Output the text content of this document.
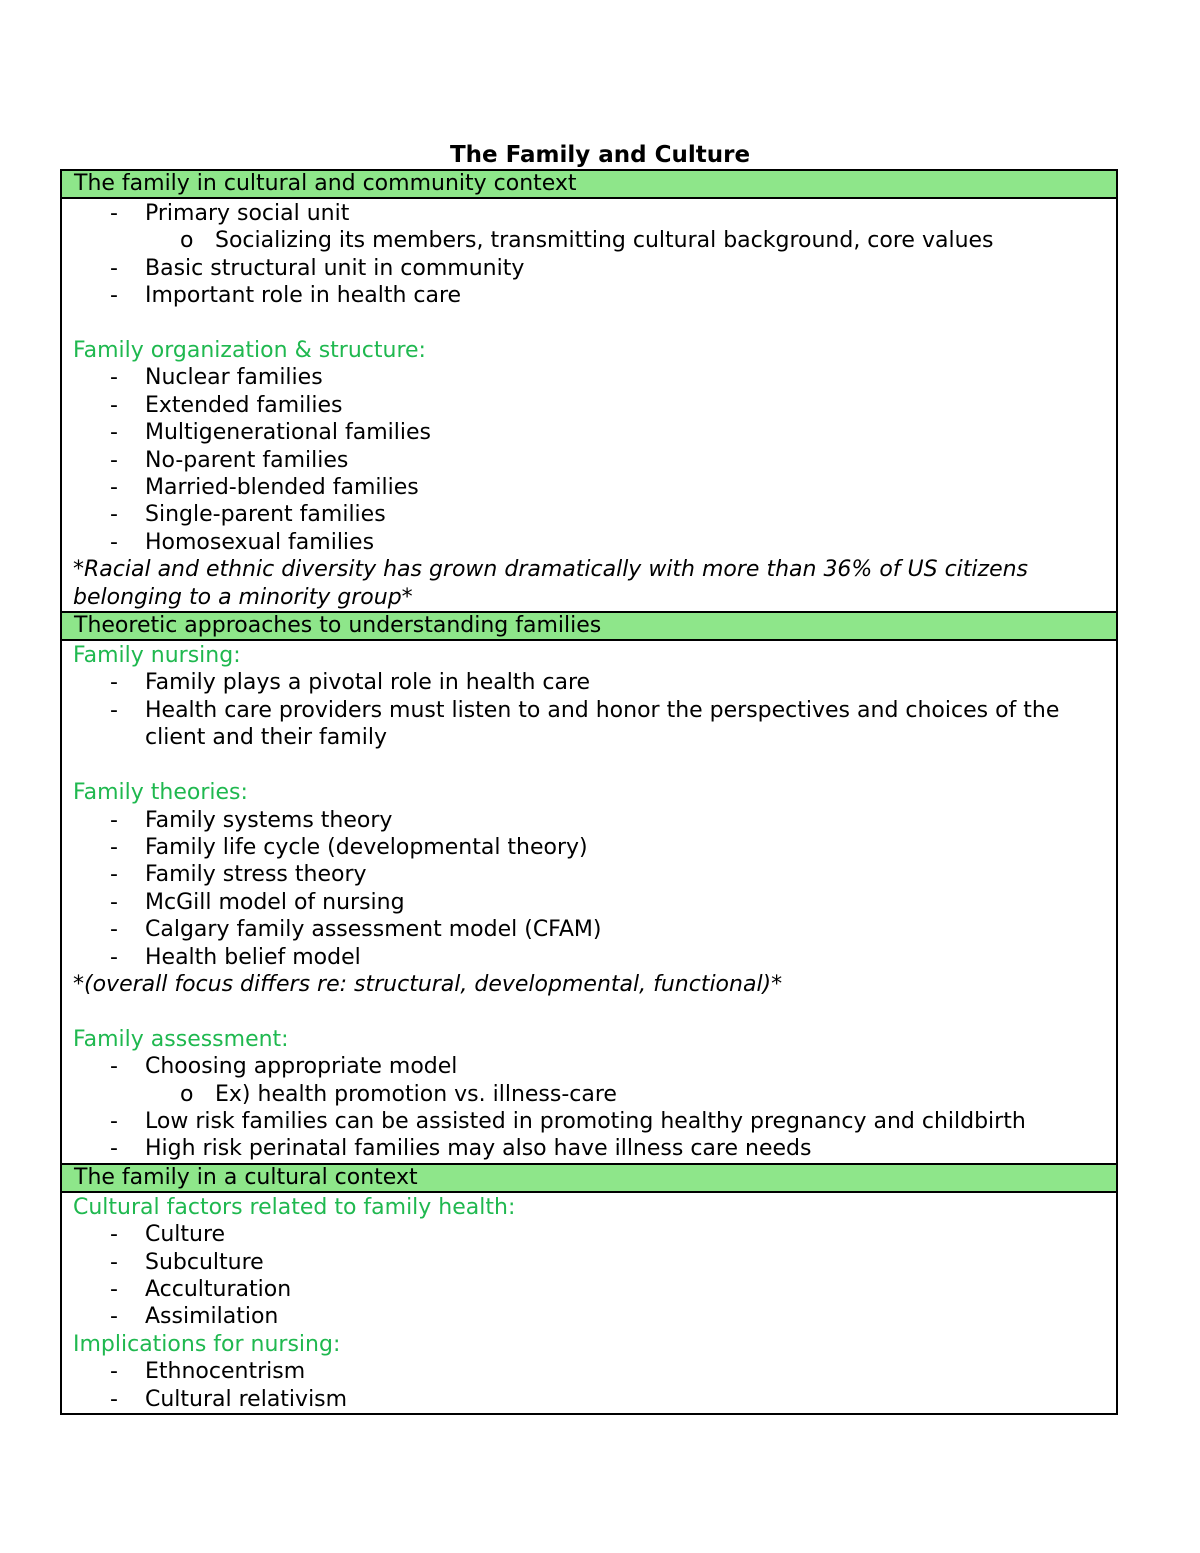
The Family and Culture
The family in cultural and community context
- Primary social unit
o Socializing its members, transmitting cultural background, core values
- Basic structural unit in community
- Important role in health care
Family organization & structure:
- Nuclear families
- Extended families
- Multigenerational families
- No-parent families
- Married-blended families
- Single-parent families
- Homosexual families
*Racial and ethnic diversity has grown dramatically with more than 36% of US citizens belonging to a minority group*
Theoretic approaches to understanding families
Family nursing:
- Family plays a pivotal role in health care
- Health care providers must listen to and honor the perspectives and choices of the client and their family
Family theories:
- Family systems theory
- Family life cycle (developmental theory)
- Family stress theory
- McGill model of nursing
- Calgary family assessment model (CFAM)
- Health belief model
*(overall focus differs re: structural, developmental, functional)*
Family assessment:
- Choosing appropriate model
o Ex) health promotion vs. illness-care
- Low risk families can be assisted in promoting healthy pregnancy and childbirth
- High risk perinatal families may also have illness care needs
The family in a cultural context
Cultural factors related to family health:
- Culture
- Subculture
- Acculturation
- Assimilation
Implications for nursing:
- Ethnocentrism
- Cultural relativism
